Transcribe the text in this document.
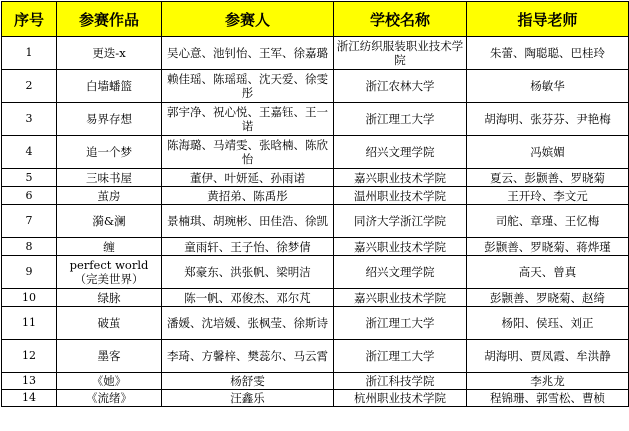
序号	参赛作品	参赛人	学校名称	指导老师
1	更迭-x	吴心意、池钊怡、王军、徐嘉璐	浙江纺织服装职业技术学院	朱蕾、陶聪聪、巴桂玲
2	白墙蟠篮	赖佳瑶、陈瑶瑶、沈天爱、徐雯彤	浙江农林大学	杨敏华
3	易界存想	郭宇净、祝心悦、王嘉钰、王一诺	浙江理工大学	胡海明、张芬芬、尹艳梅
4	追一个梦	陈海璐、马靖雯、张晗楠、陈欣怡	绍兴文理学院	冯嫔媚
5	三味书屋	董伊、叶妍延、孙雨诺	嘉兴职业技术学院	夏云、彭颢善、罗晓菊
6	茧房	黄招弟、陈禹彤	温州职业技术学院	王开玲、李文元
7	漪&澜	景楠琪、胡琬彬、田佳浩、徐凯	同济大学浙江学院	司舵、章瑾、王忆梅
8	缠	童雨轩、王子怡、徐梦倩	嘉兴职业技术学院	彭颢善、罗晓菊、蒋烨瑾
9	perfect world（完美世界）	郑豪东、洪张帆、梁明洁	绍兴文理学院	高天、曾真
10	绿脉	陈一帆、邓俊杰、邓尔芃	嘉兴职业技术学院	彭颢善、罗晓菊、赵绮
11	破茧	潘媛、沈培媛、张枫莹、徐斯诗	浙江理工大学	杨阳、侯珏、刘正
12	墨客	李琦、方馨梓、樊蕊尔、马云霄	浙江理工大学	胡海明、贾凤霞、牟洪静
13	《她》	杨舒雯	浙江科技学院	李兆龙
14	《流绪》	汪鑫乐	杭州职业技术学院	程锦珊、郭雪松、曹桢
